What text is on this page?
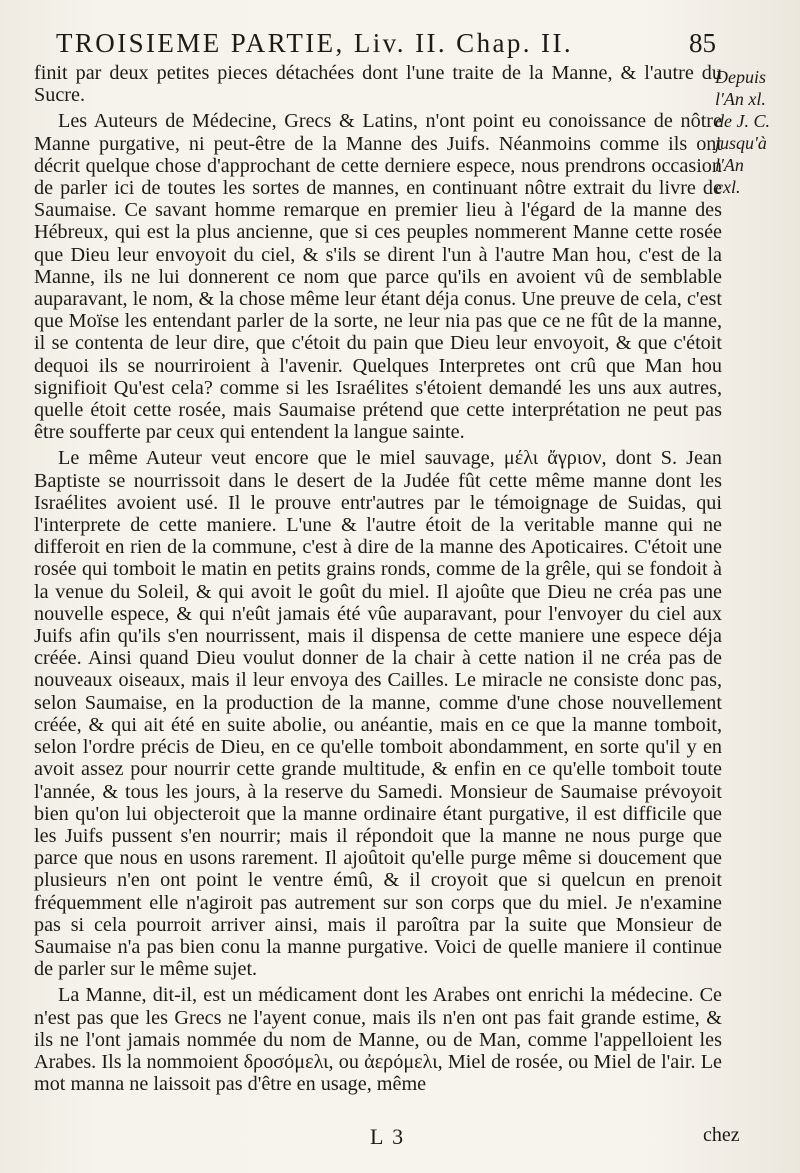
TROISIEME PARTIE, Liv. II. Chap. II.	85

finit par deux petites pieces détachées dont l'une traite de la Manne, & l'autre du Sucre.

Les Auteurs de Médecine, Grecs & Latins, n'ont point eu conoissance de nôtre Manne purgative, ni peut-être de la Manne des Juifs. Néanmoins comme ils ont décrit quelque chose d'approchant de cette derniere espece, nous prendrons occasion de parler ici de toutes les sortes de mannes, en continuant nôtre extrait du livre de Saumaise. Ce savant homme remarque en premier lieu à l'égard de la manne des Hébreux, qui est la plus ancienne, que si ces peuples nommerent Manne cette rosée que Dieu leur envoyoit du ciel, & s'ils se dirent l'un à l'autre Man hou, c'est de la Manne, ils ne lui donnerent ce nom que parce qu'ils en avoient vû de semblable auparavant, le nom, & la chose même leur étant déja conus. Une preuve de cela, c'est que Moïse les entendant parler de la sorte, ne leur nia pas que ce ne fût de la manne, il se contenta de leur dire, que c'étoit du pain que Dieu leur envoyoit, & que c'étoit dequoi ils se nourriroient à l'avenir. Quelques Interpretes ont crû que Man hou signifioit Qu'est cela? comme si les Israélites s'étoient demandé les uns aux autres, quelle étoit cette rosée, mais Saumaise prétend que cette interprétation ne peut pas être soufferte par ceux qui entendent la langue sainte.

Le même Auteur veut encore que le miel sauvage, μέλι ἄγριον, dont S. Jean Baptiste se nourrissoit dans le desert de la Judée fût cette même manne dont les Israélites avoient usé. Il le prouve entr'autres par le témoignage de Suidas, qui l'interprete de cette maniere. L'une & l'autre étoit de la veritable manne qui ne differoit en rien de la commune, c'est à dire de la manne des Apoticaires. C'étoit une rosée qui tomboit le matin en petits grains ronds, comme de la grêle, qui se fondoit à la venue du Soleil, & qui avoit le goût du miel. Il ajoûte que Dieu ne créa pas une nouvelle espece, & qui n'eût jamais été vûe auparavant, pour l'envoyer du ciel aux Juifs afin qu'ils s'en nourrissent, mais il dispensa de cette maniere une espece déja créée. Ainsi quand Dieu voulut donner de la chair à cette nation il ne créa pas de nouveaux oiseaux, mais il leur envoya des Cailles. Le miracle ne consiste donc pas, selon Saumaise, en la production de la manne, comme d'une chose nouvellement créée, & qui ait été en suite abolie, ou anéantie, mais en ce que la manne tomboit, selon l'ordre précis de Dieu, en ce qu'elle tomboit abondamment, en sorte qu'il y en avoit assez pour nourrir cette grande multitude, & enfin en ce qu'elle tomboit toute l'année, & tous les jours, à la reserve du Samedi. Monsieur de Saumaise prévoyoit bien qu'on lui objecteroit que la manne ordinaire étant purgative, il est difficile que les Juifs pussent s'en nourrir; mais il répondoit que la manne ne nous purge que parce que nous en usons rarement. Il ajoûtoit qu'elle purge même si doucement que plusieurs n'en ont point le ventre émû, & il croyoit que si quelcun en prenoit fréquemment elle n'agiroit pas autrement sur son corps que du miel. Je n'examine pas si cela pourroit arriver ainsi, mais il paroîtra par la suite que Monsieur de Saumaise n'a pas bien conu la manne purgative. Voici de quelle maniere il continue de parler sur le même sujet.

La Manne, dit-il, est un médicament dont les Arabes ont enrichi la médecine. Ce n'est pas que les Grecs ne l'ayent conue, mais ils n'en ont pas fait grande estime, & ils ne l'ont jamais nommée du nom de Manne, ou de Man, comme l'appelloient les Arabes. Ils la nommoient δροσόμελι, ou ἀερόμελι, Miel de rosée, ou Miel de l'air. Le mot manna ne laissoit pas d'être en usage, même

Depuis
l'An xl.
de J. C.
jusqu'à
l'An
cxl.
L 3	chez
